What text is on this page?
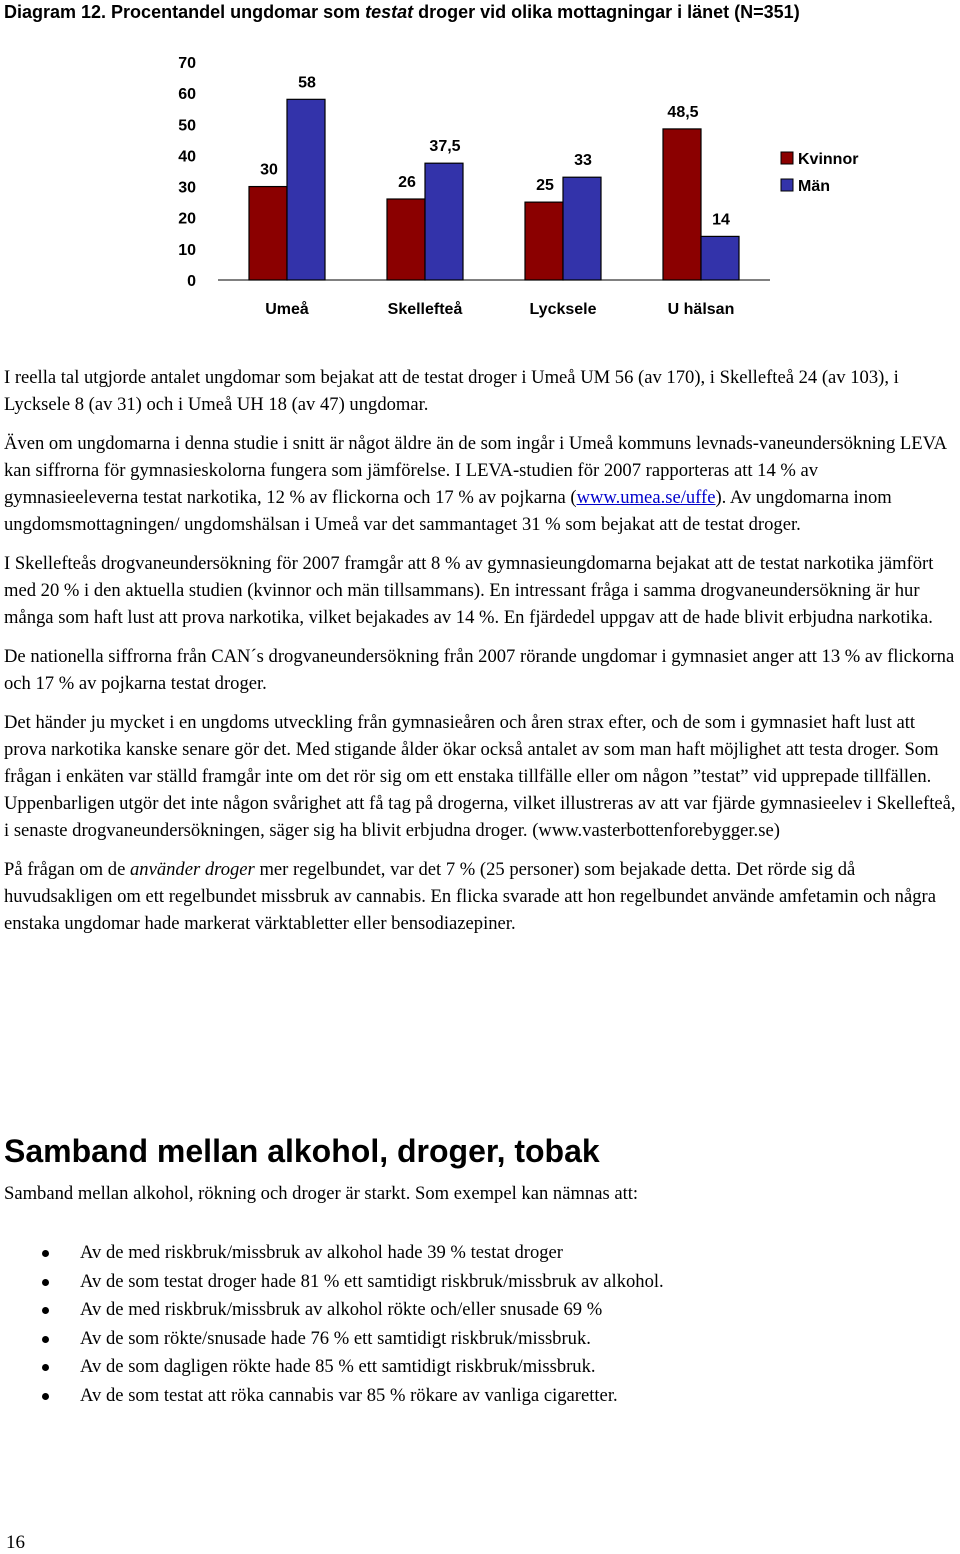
Diagram 12. Procentandel ungdomar som testat droger vid olika mottagningar i länet (N=351)
0
10
20
30
40
50
60
70
Umeå
30
58
Skellefteå
26
37,5
Lycksele
25
33
U hälsan
48,5
14
Kvinnor
Män

I reella tal utgjorde antalet ungdomar som bejakat att de testat droger i Umeå UM 56 (av 170), i Skellefteå 24 (av 103), i Lycksele 8 (av 31) och i Umeå UH 18 (av 47) ungdomar.

Även om ungdomarna i denna studie i snitt är något äldre än de som ingår i Umeå kommuns levnads-vaneundersökning LEVA kan siffrorna för gymnasieskolorna fungera som jämförelse. I LEVA-studien för 2007 rapporteras att 14 % av gymnasieeleverna testat narkotika, 12 % av flickorna och 17 % av pojkarna (www.umea.se/uffe). Av ungdomarna inom ungdomsmottagningen/ ungdomshälsan i Umeå var det sammantaget 31 % som bejakat att de testat droger.

I Skellefteås drogvaneundersökning för 2007 framgår att 8 % av gymnasieungdomarna bejakat att de testat narkotika jämfört med 20 % i den aktuella studien (kvinnor och män tillsammans). En intressant fråga i samma drogvaneundersökning är hur många som haft lust att prova narkotika, vilket bejakades av 14 %. En fjärdedel uppgav att de hade blivit erbjudna narkotika.

De nationella siffrorna från CAN´s drogvaneundersökning från 2007 rörande ungdomar i gymnasiet anger att 13 % av flickorna och 17 % av pojkarna testat droger.

Det händer ju mycket i en ungdoms utveckling från gymnasieåren och åren strax efter, och de som i gymnasiet haft lust att prova narkotika kanske senare gör det. Med stigande ålder ökar också antalet av som man haft möjlighet att testa droger. Som frågan i enkäten var ställd framgår inte om det rör sig om ett enstaka tillfälle eller om någon ”testat” vid upprepade tillfällen. Uppenbarligen utgör det inte någon svårighet att få tag på drogerna, vilket illustreras av att var fjärde gymnasieelev i Skellefteå, i senaste drogvaneundersökningen, säger sig ha blivit erbjudna droger. (www.vasterbottenforebygger.se)

På frågan om de använder droger mer regelbundet, var det 7 % (25 personer) som bejakade detta. Det rörde sig då huvudsakligen om ett regelbundet missbruk av cannabis. En flicka svarade att hon regelbundet använde amfetamin och några enstaka ungdomar hade markerat värktabletter eller bensodiazepiner.

Samband mellan alkohol, droger, tobak
Samband mellan alkohol, rökning och droger är starkt. Som exempel kan nämnas att:
Av de med riskbruk/missbruk av alkohol hade 39 % testat droger
Av de som testat droger hade 81 % ett samtidigt riskbruk/missbruk av alkohol.
Av de med riskbruk/missbruk av alkohol rökte och/eller snusade 69 %
Av de som rökte/snusade hade 76 % ett samtidigt riskbruk/missbruk.
Av de som dagligen rökte hade 85 % ett samtidigt riskbruk/missbruk.
Av de som testat att röka cannabis var 85 % rökare av vanliga cigaretter.
16
